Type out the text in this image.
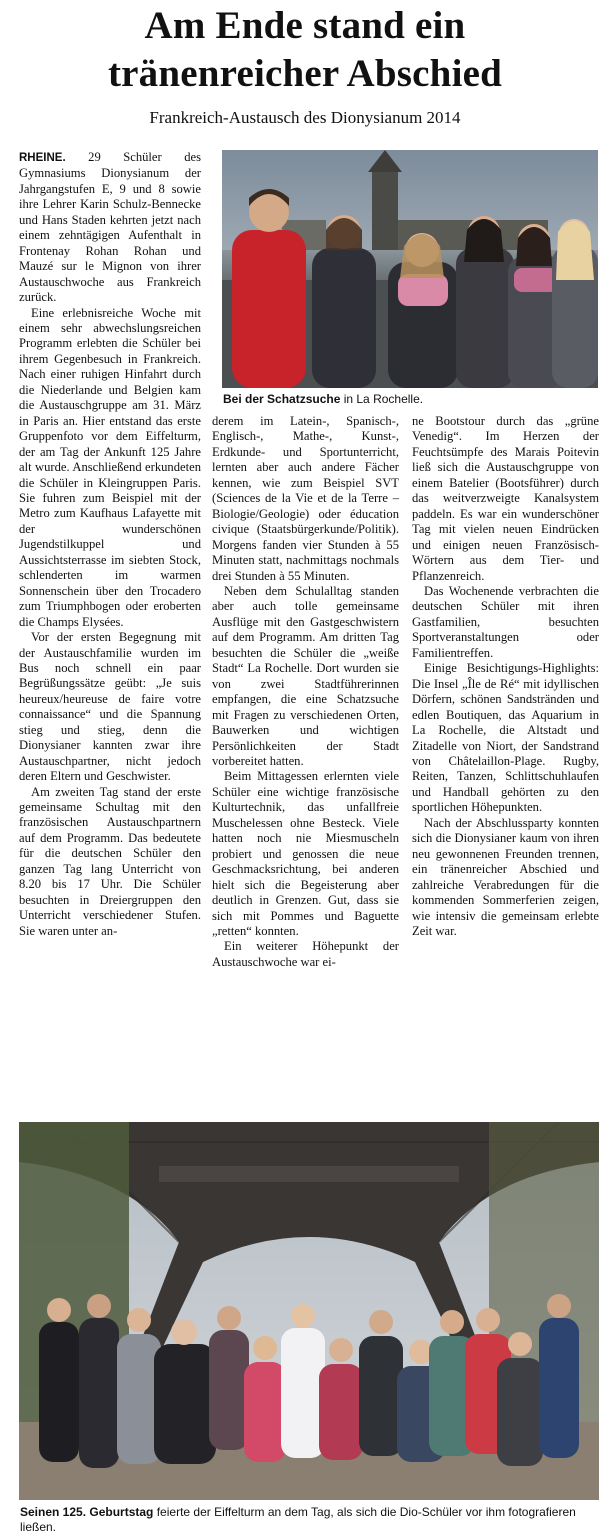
Am Ende stand ein
tränenreicher Abschied
Frankreich-Austausch des Dionysianum 2014

RHEINE. 29 Schüler des Gymnasiums Dionysianum der Jahrgangstufen E, 9 und 8 sowie ihre Lehrer Karin Schulz-Bennecke und Hans Staden kehrten jetzt nach einem zehntägigen Aufenthalt in Frontenay Rohan Rohan und Mauzé sur le Mignon von ihrer Austauschwoche aus Frankreich zurück.

Eine erlebnisreiche Woche mit einem sehr abwechslungsreichen Programm erlebten die Schüler bei ihrem Gegenbesuch in Frankreich. Nach einer ruhigen Hinfahrt durch die Niederlande und Belgien kam die Austauschgruppe am 31. März in Paris an. Hier entstand das erste Gruppenfoto vor dem Eiffelturm, der am Tag der Ankunft 125 Jahre alt wurde. Anschließend erkundeten die Schüler in Kleingruppen Paris. Sie fuhren zum Beispiel mit der Metro zum Kaufhaus Lafayette mit der wunderschönen Jugendstilkuppel und Aussichtsterrasse im siebten Stock, schlenderten im warmen Sonnenschein über den Trocadero zum Triumphbogen oder eroberten die Champs Elysées.

Vor der ersten Begegnung mit der Austauschfamilie wurden im Bus noch schnell ein paar Begrüßungssätze geübt: „Je suis heureux/heureuse de faire votre connaissance“ und die Spannung stieg und stieg, denn die Dionysianer kannten zwar ihre Austauschpartner, nicht jedoch deren Eltern und Geschwister.

Am zweiten Tag stand der erste gemeinsame Schultag mit den französischen Austauschpartnern auf dem Programm. Das bedeutete für die deutschen Schüler den ganzen Tag lang Unterricht von 8.20 bis 17 Uhr. Die Schüler besuchten in Dreiergruppen den Unterricht verschiedener Stufen. Sie waren unter an-

Bei der Schatzsuche in La Rochelle.

derem im Latein-, Spanisch-, Englisch-, Mathe-, Kunst-, Erdkunde- und Sportunterricht, lernten aber auch andere Fächer kennen, wie zum Beispiel SVT (Sciences de la Vie et de la Terre – Biologie/Geologie) oder éducation civique (Staatsbürgerkunde/Politik). Morgens fanden vier Stunden à 55 Minuten statt, nachmittags nochmals drei Stunden à 55 Minuten.

Neben dem Schulalltag standen aber auch tolle gemeinsame Ausflüge mit den Gastgeschwistern auf dem Programm. Am dritten Tag besuchten die Schüler die „weiße Stadt“ La Rochelle. Dort wurden sie von zwei Stadtführerinnen empfangen, die eine Schatzsuche mit Fragen zu verschiedenen Orten, Bauwerken und wichtigen Persönlichkeiten der Stadt vorbereitet hatten.

Beim Mittagessen erlernten viele Schüler eine wichtige französische Kulturtechnik, das unfallfreie Muschelessen ohne Besteck. Viele hatten noch nie Miesmuscheln probiert und genossen die neue Geschmacksrichtung, bei anderen hielt sich die Begeisterung aber deutlich in Grenzen. Gut, dass sie sich mit Pommes und Baguette „retten“ konnten.

Ein weiterer Höhepunkt der Austauschwoche war ei-

ne Bootstour durch das „grüne Venedig“. Im Herzen der Feuchtsümpfe des Marais Poitevin ließ sich die Austauschgruppe von einem Batelier (Bootsführer) durch das weitverzweigte Kanalsystem paddeln. Es war ein wunderschöner Tag mit vielen neuen Eindrücken und einigen neuen Französisch-Wörtern aus dem Tier- und Pflanzenreich.

Das Wochenende verbrachten die deutschen Schüler mit ihren Gastfamilien, besuchten Sportveranstaltungen oder Familientreffen.

Einige Besichtigungs-Highlights: Die Insel „Île de Ré“ mit idyllischen Dörfern, schönen Sandstränden und edlen Boutiquen, das Aquarium in La Rochelle, die Altstadt und Zitadelle von Niort, der Sandstrand von Châtelaillon-Plage. Rugby, Reiten, Tanzen, Schlittschuhlaufen und Handball gehörten zu den sportlichen Höhepunkten.

Nach der Abschlussparty konnten sich die Dionysianer kaum von ihren neu gewonnenen Freunden trennen, ein tränenreicher Abschied und zahlreiche Verabredungen für die kommenden Sommerferien zeigen, wie intensiv die gemeinsam erlebte Zeit war.

Seinen 125. Geburtstag feierte der Eiffelturm an dem Tag, als sich die Dio-Schüler vor ihm fotografieren ließen.
